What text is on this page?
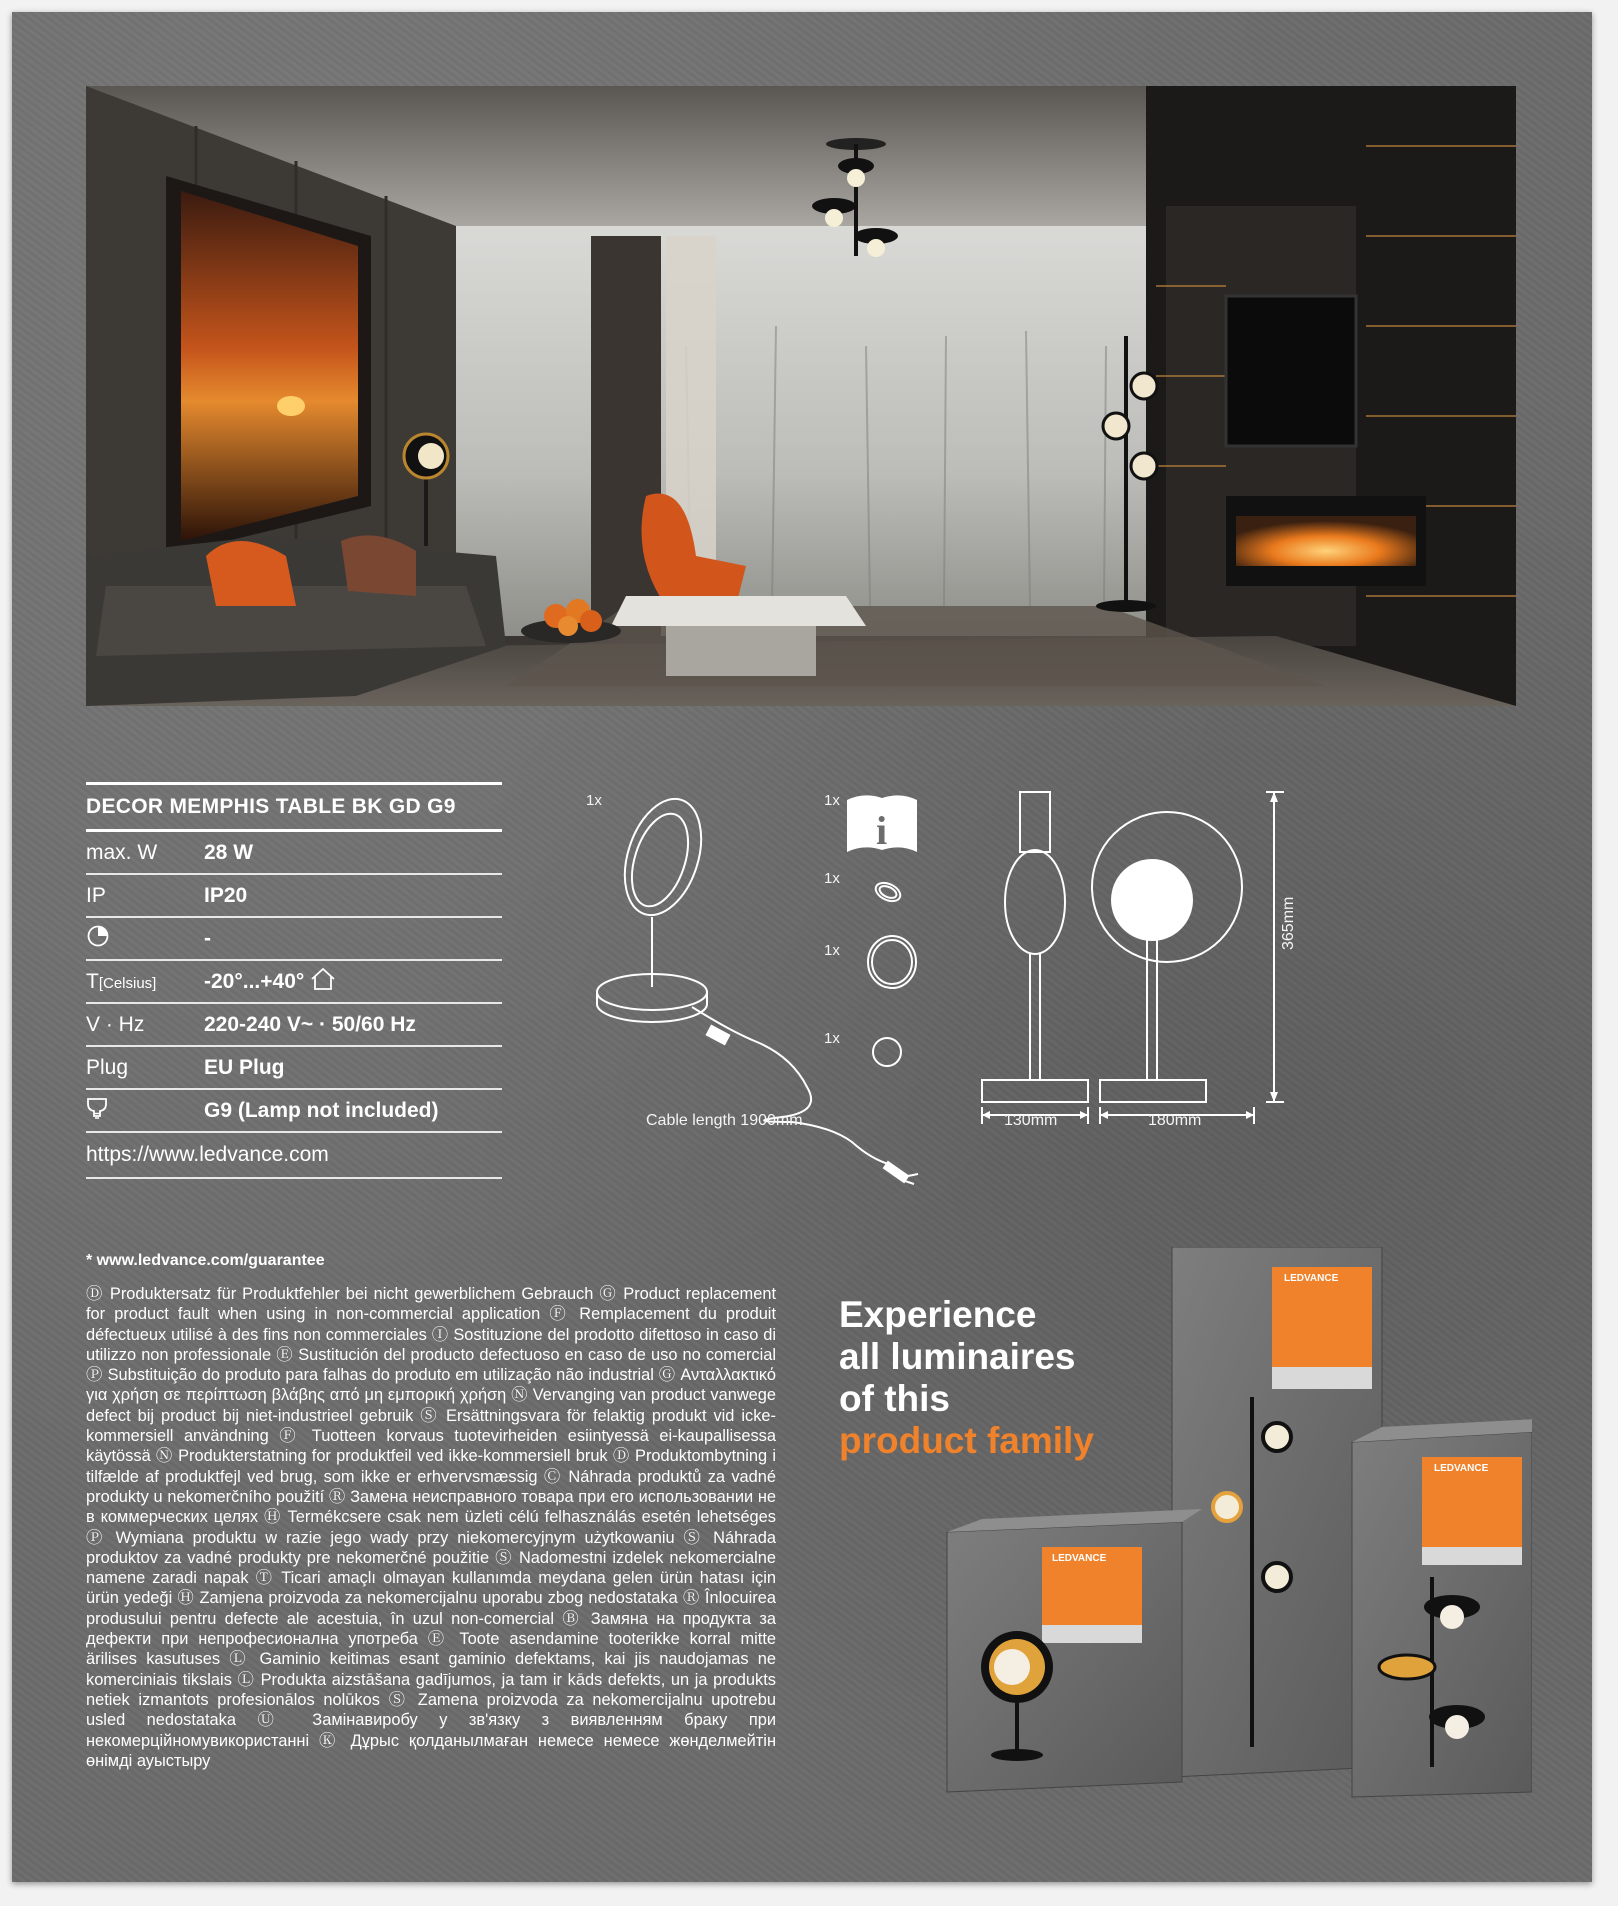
DECOR MEMPHIS TABLE BK GD G9
max. W	28 W
IP	IP20
-
T[Celsius]	-20°...+40°
V · Hz	220-240 V~ · 50/60 Hz
Plug	EU Plug
G9 (Lamp not included)
https://www.ledvance.com
i
1x	1x
1x
1x
1x
Cable length 1900mm	130mm	180mm
365mm
* www.ledvance.com/guarantee
Ⓓ Produktersatz für Produktfehler bei nicht gewerblichem Gebrauch Ⓖ Product replacement for product fault when using in non-commercial application Ⓕ Remplacement du produit défectueux utilisé à des fins non commerciales Ⓘ Sostituzione del prodotto difettoso in caso di utilizzo non professionale Ⓔ Sustitución del producto defectuoso en caso de uso no comercial Ⓟ Substituição do produto para falhas do produto em utilização não industrial Ⓖ Ανταλλακτικό για χρήση σε περίπτωση βλάβης από μη εμπορική χρήση Ⓝ Vervanging van product vanwege defect bij product bij niet-industrieel gebruik Ⓢ Ersättningsvara för felaktig produkt vid icke-kommersiell användning Ⓕ Tuotteen korvaus tuotevirheiden esiintyessä ei-kaupallisessa käytössä Ⓝ Produkterstatning for produktfeil ved ikke-kommersiell bruk Ⓓ Produktombytning i tilfælde af produktfejl ved brug, som ikke er erhvervsmæssig Ⓒ Náhrada produktů za vadné produkty u nekomerčního použití Ⓡ Замена неисправного товара при его использовании не в коммерческих целях Ⓗ Termékcsere csak nem üzleti célú felhasználás esetén lehetséges Ⓟ Wymiana produktu w razie jego wady przy niekomercyjnym użytkowaniu Ⓢ Náhrada produktov za vadné produkty pre nekomerčné použitie Ⓢ Nadomestni izdelek nekomercialne namene zaradi napak Ⓣ Ticari amaçlı olmayan kullanımda meydana gelen ürün hatası için ürün yedeği Ⓗ Zamjena proizvoda za nekomercijalnu uporabu zbog nedostataka Ⓡ Înlocuirea produsului pentru defecte ale acestuia, în uzul non-comercial Ⓑ Замяна на продукта за дефекти при непрофесионална употреба Ⓔ Toote asendamine tooterikke korral mitte ärilises kasutuses Ⓛ Gaminio keitimas esant gaminio defektams, kai jis naudojamas ne komerciniais tikslais Ⓛ Produkta aizstāšana gadījumos, ja tam ir kāds defekts, un ja produkts netiek izmantots profesionālos nolūkos Ⓢ Zamena proizvoda za nekomercijalnu upotrebu usled nedostataka Ⓤ Замінавиробу у зв'язку з виявленням браку при некомерційномувикористанні Ⓚ Дұрыс қолданылмаған немесе немесе жөнделмейтін өнімді ауыстыру
Experience
all luminaires
of this
product family
LEDVANCE
LEDVANCE
LEDVANCE
